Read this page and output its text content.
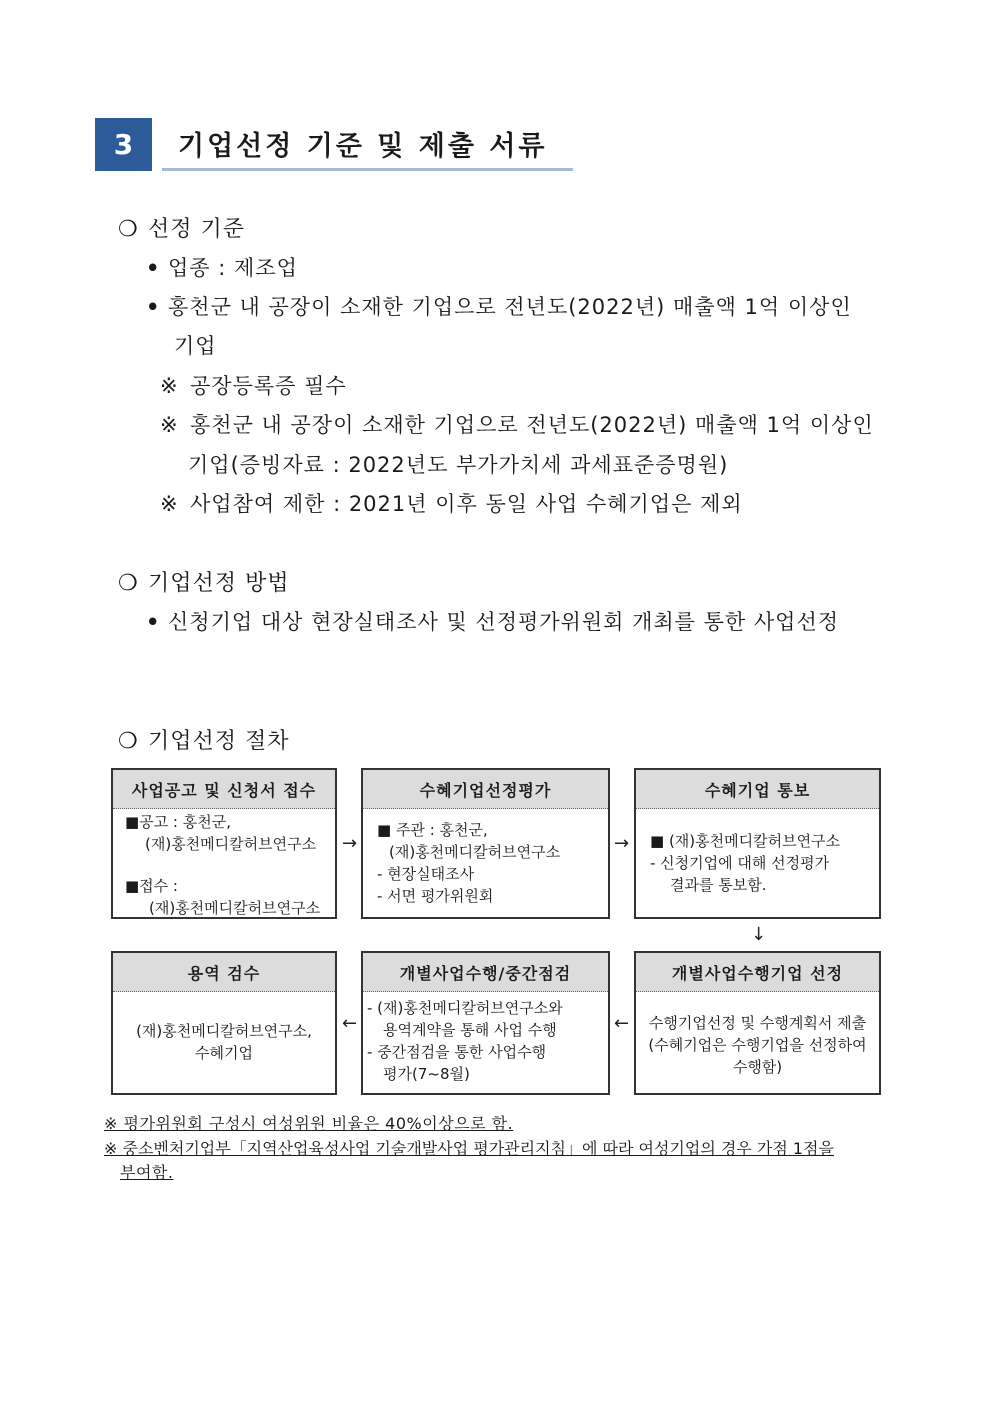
3	기업선정 기준 및 제출 서류
❍ 선정 기준
• 업종 : 제조업
• 홍천군 내 공장이 소재한 기업으로 전년도(2022년) 매출액 1억 이상인
기업
※ 공장등록증 필수
※ 홍천군 내 공장이 소재한 기업으로 전년도(2022년) 매출액 1억 이상인
기업(증빙자료 : 2022년도 부가가치세 과세표준증명원)
※ 사업참여 제한 : 2021년 이후 동일 사업 수혜기업은 제외
❍ 기업선정 방법
• 신청기업 대상 현장실태조사 및 선정평가위원회 개최를 통한 사업선정
❍ 기업선정 절차
사업공고 및 신청서 접수
■공고 : 홍천군,
(재)홍천메디칼허브연구소
■접수 :
(재)홍천메디칼허브연구소
수혜기업선정평가
■ 주관 : 홍천군,
(재)홍천메디칼허브연구소
- 현장실태조사
- 서면 평가위원회
수혜기업 통보
■ (재)홍천메디칼허브연구소
- 신청기업에 대해 선정평가
결과를 통보함.
→	→
↓
개별사업수행기업 선정
수행기업선정 및 수행계획서 제출
(수혜기업은 수행기업을 선정하여
수행함)
개별사업수행/중간점검
- (재)홍천메디칼허브연구소와
용역계약을 통해 사업 수행
- 중간점검을 통한 사업수행
평가(7~8월)
용역 검수
(재)홍천메디칼허브연구소,
수혜기업
←
←
※ 평가위원회 구성시 여성위원 비율은 40%이상으로 함.
※ 중소벤처기업부「지역산업육성사업 기술개발사업 평가관리지침」에 따라 여성기업의 경우 가점 1점을
부여함.
